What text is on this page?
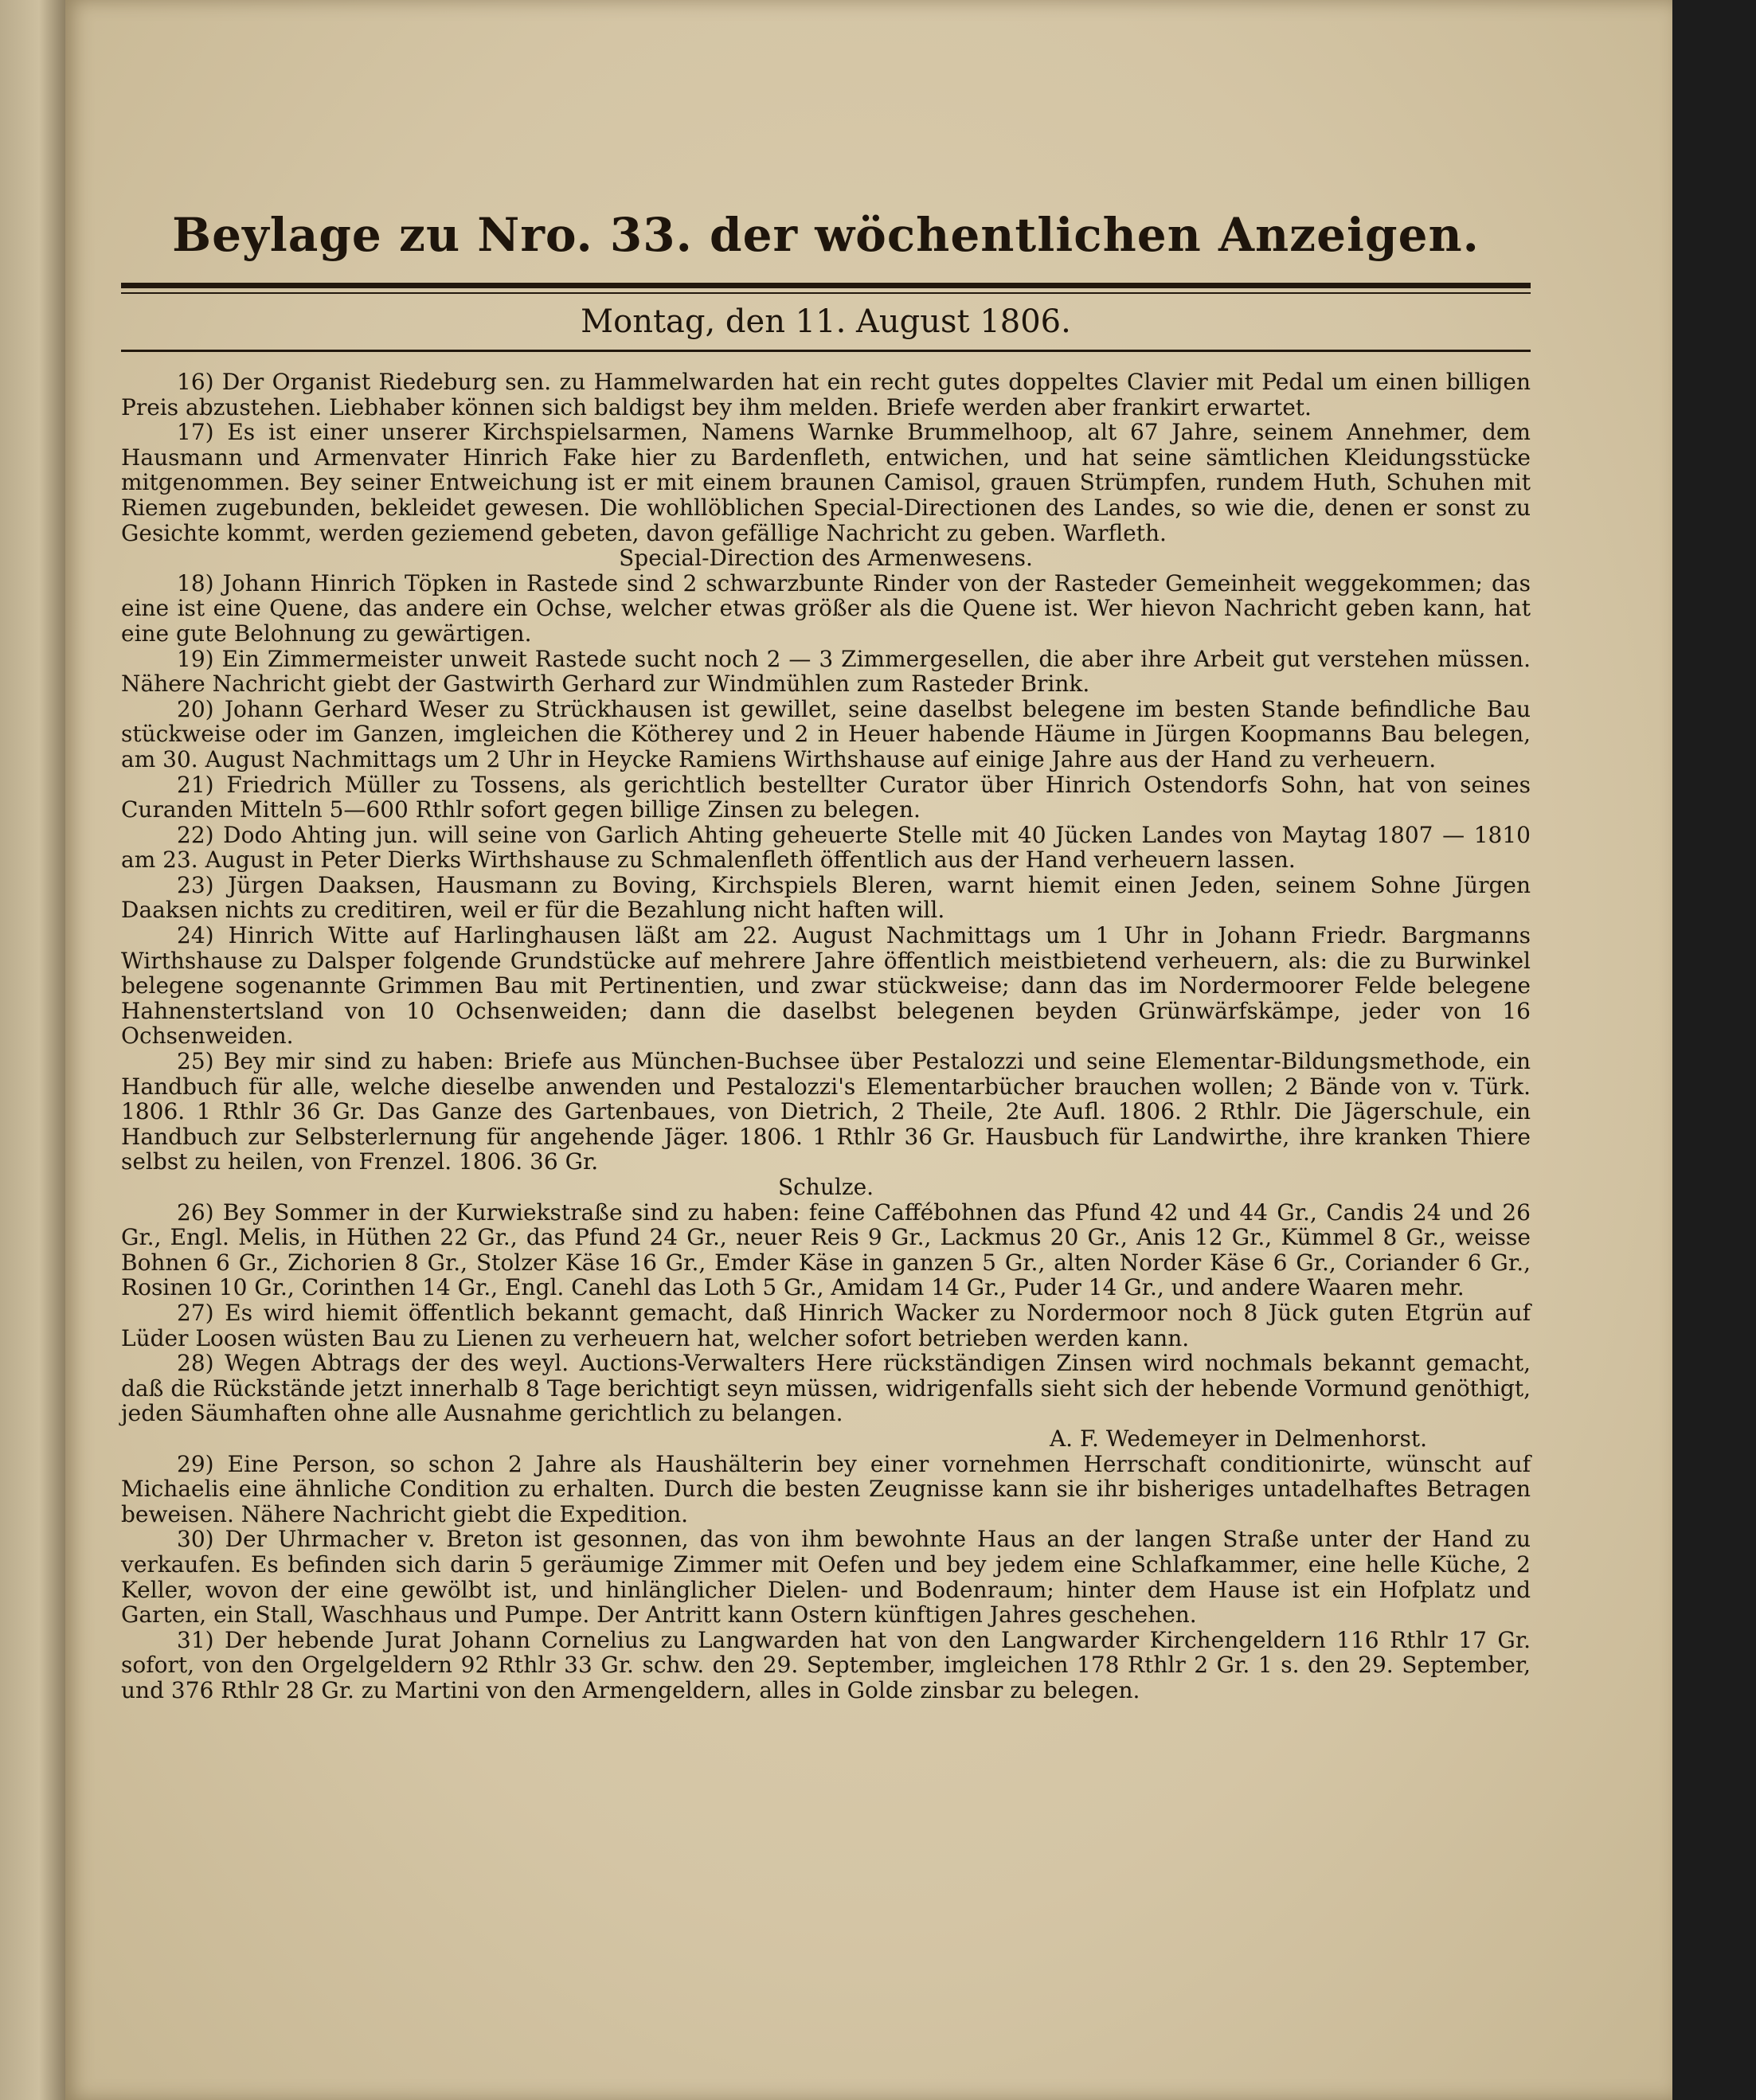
Beylage zu Nro. 33. der wöchentlichen Anzeigen.
Montag, den 11. August 1806.

16) Der Organist Riedeburg sen. zu Hammelwarden hat ein recht gutes doppeltes Clavier mit Pedal um einen billigen Preis abzustehen. Liebhaber können sich baldigst bey ihm melden. Briefe werden aber frankirt erwartet.

17) Es ist einer unserer Kirchspielsarmen, Namens Warnke Brummelhoop, alt 67 Jahre, seinem Annehmer, dem Hausmann und Armenvater Hinrich Fake hier zu Bardenfleth, entwichen, und hat seine sämtlichen Kleidungsstücke mitgenommen. Bey seiner Entweichung ist er mit einem braunen Camisol, grauen Strümpfen, rundem Huth, Schuhen mit Riemen zugebunden, bekleidet gewesen. Die wohllöblichen Special-Directionen des Landes, so wie die, denen er sonst zu Gesichte kommt, werden geziemend gebeten, davon gefällige Nachricht zu geben. Warfleth.

Special-Direction des Armenwesens.

18) Johann Hinrich Töpken in Rastede sind 2 schwarzbunte Rinder von der Rasteder Gemeinheit weggekommen; das eine ist eine Quene, das andere ein Ochse, welcher etwas größer als die Quene ist. Wer hievon Nachricht geben kann, hat eine gute Belohnung zu gewärtigen.

19) Ein Zimmermeister unweit Rastede sucht noch 2 — 3 Zimmergesellen, die aber ihre Arbeit gut verstehen müssen. Nähere Nachricht giebt der Gastwirth Gerhard zur Windmühlen zum Rasteder Brink.

20) Johann Gerhard Weser zu Strückhausen ist gewillet, seine daselbst belegene im besten Stande befindliche Bau stückweise oder im Ganzen, imgleichen die Kötherey und 2 in Heuer habende Häume in Jürgen Koopmanns Bau belegen, am 30. August Nachmittags um 2 Uhr in Heycke Ramiens Wirthshause auf einige Jahre aus der Hand zu verheuern.

21) Friedrich Müller zu Tossens, als gerichtlich bestellter Curator über Hinrich Ostendorfs Sohn, hat von seines Curanden Mitteln 5—600 Rthlr sofort gegen billige Zinsen zu belegen.

22) Dodo Ahting jun. will seine von Garlich Ahting geheuerte Stelle mit 40 Jücken Landes von Maytag 1807 — 1810 am 23. August in Peter Dierks Wirthshause zu Schmalenfleth öffentlich aus der Hand verheuern lassen.

23) Jürgen Daaksen, Hausmann zu Boving, Kirchspiels Bleren, warnt hiemit einen Jeden, seinem Sohne Jürgen Daaksen nichts zu creditiren, weil er für die Bezahlung nicht haften will.

24) Hinrich Witte auf Harlinghausen läßt am 22. August Nachmittags um 1 Uhr in Johann Friedr. Bargmanns Wirthshause zu Dalsper folgende Grundstücke auf mehrere Jahre öffentlich meistbietend verheuern, als: die zu Burwinkel belegene sogenannte Grimmen Bau mit Pertinentien, und zwar stückweise; dann das im Nordermoorer Felde belegene Hahnenstertsland von 10 Ochsenweiden; dann die daselbst belegenen beyden Grünwärfskämpe, jeder von 16 Ochsenweiden.

25) Bey mir sind zu haben: Briefe aus München-Buchsee über Pestalozzi und seine Elementar-Bildungsmethode, ein Handbuch für alle, welche dieselbe anwenden und Pestalozzi's Elementarbücher brauchen wollen; 2 Bände von v. Türk. 1806. 1 Rthlr 36 Gr. Das Ganze des Gartenbaues, von Dietrich, 2 Theile, 2te Aufl. 1806. 2 Rthlr. Die Jägerschule, ein Handbuch zur Selbsterlernung für angehende Jäger. 1806. 1 Rthlr 36 Gr. Hausbuch für Landwirthe, ihre kranken Thiere selbst zu heilen, von Frenzel. 1806. 36 Gr.

Schulze.

26) Bey Sommer in der Kurwiekstraße sind zu haben: feine Caffébohnen das Pfund 42 und 44 Gr., Candis 24 und 26 Gr., Engl. Melis, in Hüthen 22 Gr., das Pfund 24 Gr., neuer Reis 9 Gr., Lackmus 20 Gr., Anis 12 Gr., Kümmel 8 Gr., weisse Bohnen 6 Gr., Zichorien 8 Gr., Stolzer Käse 16 Gr., Emder Käse in ganzen 5 Gr., alten Norder Käse 6 Gr., Coriander 6 Gr., Rosinen 10 Gr., Corinthen 14 Gr., Engl. Canehl das Loth 5 Gr., Amidam 14 Gr., Puder 14 Gr., und andere Waaren mehr.

27) Es wird hiemit öffentlich bekannt gemacht, daß Hinrich Wacker zu Nordermoor noch 8 Jück guten Etgrün auf Lüder Loosen wüsten Bau zu Lienen zu verheuern hat, welcher sofort betrieben werden kann.

28) Wegen Abtrags der des weyl. Auctions-Verwalters Here rückständigen Zinsen wird nochmals bekannt gemacht, daß die Rückstände jetzt innerhalb 8 Tage berichtigt seyn müssen, widrigenfalls sieht sich der hebende Vormund genöthigt, jeden Säumhaften ohne alle Ausnahme gerichtlich zu belangen.

A. F. Wedemeyer in Delmenhorst.

29) Eine Person, so schon 2 Jahre als Haushälterin bey einer vornehmen Herrschaft conditionirte, wünscht auf Michaelis eine ähnliche Condition zu erhalten. Durch die besten Zeugnisse kann sie ihr bisheriges untadelhaftes Betragen beweisen. Nähere Nachricht giebt die Expedition.

30) Der Uhrmacher v. Breton ist gesonnen, das von ihm bewohnte Haus an der langen Straße unter der Hand zu verkaufen. Es befinden sich darin 5 geräumige Zimmer mit Oefen und bey jedem eine Schlafkammer, eine helle Küche, 2 Keller, wovon der eine gewölbt ist, und hinlänglicher Dielen- und Bodenraum; hinter dem Hause ist ein Hofplatz und Garten, ein Stall, Waschhaus und Pumpe. Der Antritt kann Ostern künftigen Jahres geschehen.

31) Der hebende Jurat Johann Cornelius zu Langwarden hat von den Langwarder Kirchengeldern 116 Rthlr 17 Gr. sofort, von den Orgelgeldern 92 Rthlr 33 Gr. schw. den 29. September, imgleichen 178 Rthlr 2 Gr. 1 s. den 29. September, und 376 Rthlr 28 Gr. zu Martini von den Armengeldern, alles in Golde zinsbar zu belegen.
